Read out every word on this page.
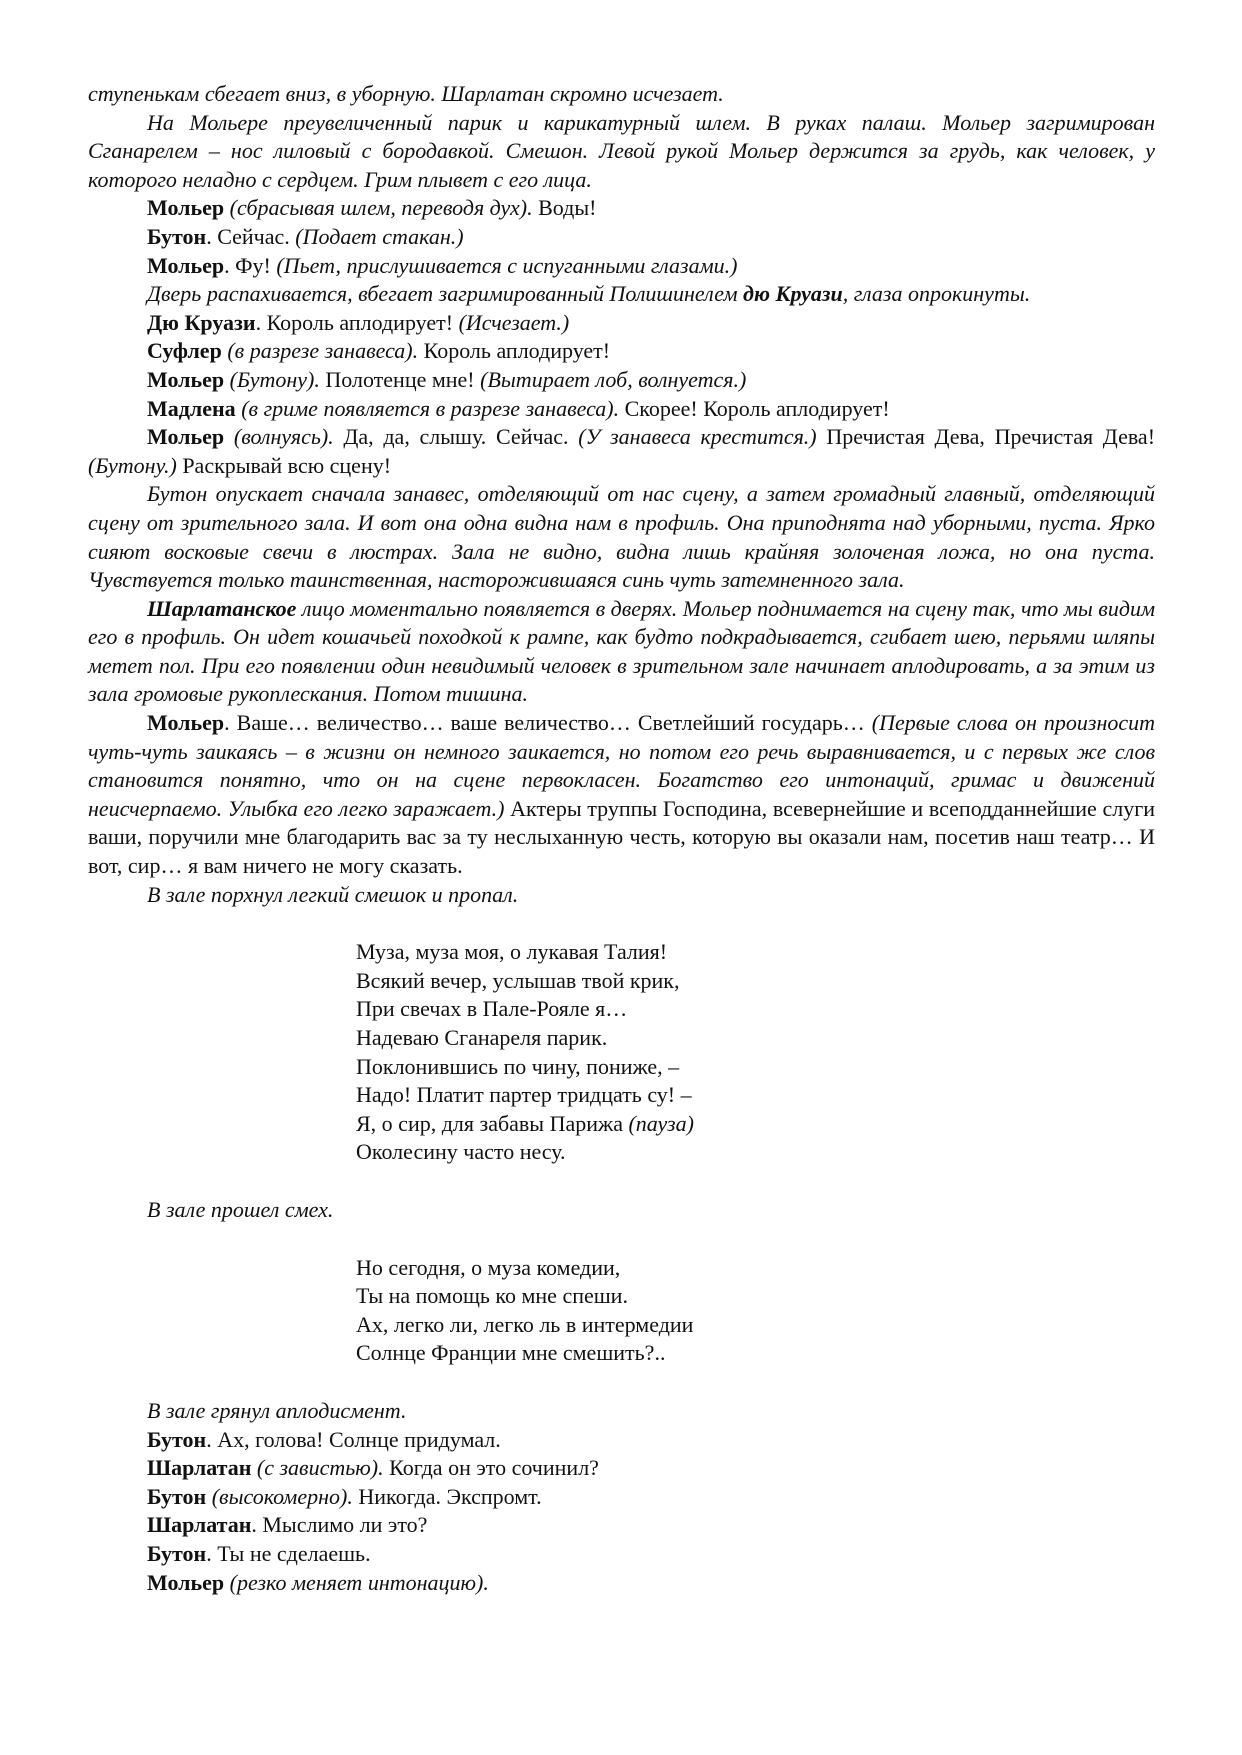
ступенькам сбегает вниз, в уборную. Шарлатан скромно исчезает.

На Мольере преувеличенный парик и карикатурный шлем. В руках палаш. Мольер загримирован Сганарелем – нос лиловый с бородавкой. Смешон. Левой рукой Мольер держится за грудь, как человек, у которого неладно с сердцем. Грим плывет с его лица.

Мольер (сбрасывая шлем, переводя дух). Воды!

Бутон. Сейчас. (Подает стакан.)

Мольер. Фу! (Пьет, прислушивается с испуганными глазами.)

Дверь распахивается, вбегает загримированный Полишинелем дю Круази, глаза опрокинуты.

Дю Круази. Король аплодирует! (Исчезает.)

Суфлер (в разрезе занавеса). Король аплодирует!

Мольер (Бутону). Полотенце мне! (Вытирает лоб, волнуется.)

Мадлена (в гриме появляется в разрезе занавеса). Скорее! Король аплодирует!

Мольер (волнуясь). Да, да, слышу. Сейчас. (У занавеса крестится.) Пречистая Дева, Пречистая Дева! (Бутону.) Раскрывай всю сцену!

Бутон опускает сначала занавес, отделяющий от нас сцену, а затем громадный главный, отделяющий сцену от зрительного зала. И вот она одна видна нам в профиль. Она приподнята над уборными, пуста. Ярко сияют восковые свечи в люстрах. Зала не видно, видна лишь крайняя золоченая ложа, но она пуста. Чувствуется только таинственная, насторожившаяся синь чуть затемненного зала.

Шарлатанское лицо моментально появляется в дверях. Мольер поднимается на сцену так, что мы видим его в профиль. Он идет кошачьей походкой к рампе, как будто подкрадывается, сгибает шею, перьями шляпы метет пол. При его появлении один невидимый человек в зрительном зале начинает аплодировать, а за этим из зала громовые рукоплескания. Потом тишина.

Мольер. Ваше… величество… ваше величество… Светлейший государь… (Первые слова он произносит чуть-чуть заикаясь – в жизни он немного заикается, но потом его речь выравнивается, и с первых же слов становится понятно, что он на сцене первокласен. Богатство его интонаций, гримас и движений неисчерпаемо. Улыбка его легко заражает.) Актеры труппы Господина, всевернейшие и всеподданнейшие слуги ваши, поручили мне благодарить вас за ту неслыханную честь, которую вы оказали нам, посетив наш театр… И вот, сир… я вам ничего не могу сказать.

В зале порхнул легкий смешок и пропал.

Муза, муза моя, о лукавая Талия!
Всякий вечер, услышав твой крик,
При свечах в Пале-Рояле я…
Надеваю Сганареля парик.
Поклонившись по чину, пониже, –
Надо! Платит партер тридцать су! –
Я, о сир, для забавы Парижа (пауза)
Околесину часто несу.

В зале прошел смех.

Но сегодня, о муза комедии,
Ты на помощь ко мне спеши.
Ах, легко ли, легко ль в интермедии
Солнце Франции мне смешить?..

В зале грянул аплодисмент.

Бутон. Ах, голова! Солнце придумал.

Шарлатан (с завистью). Когда он это сочинил?

Бутон (высокомерно). Никогда. Экспромт.

Шарлатан. Мыслимо ли это?

Бутон. Ты не сделаешь.

Мольер (резко меняет интонацию).
